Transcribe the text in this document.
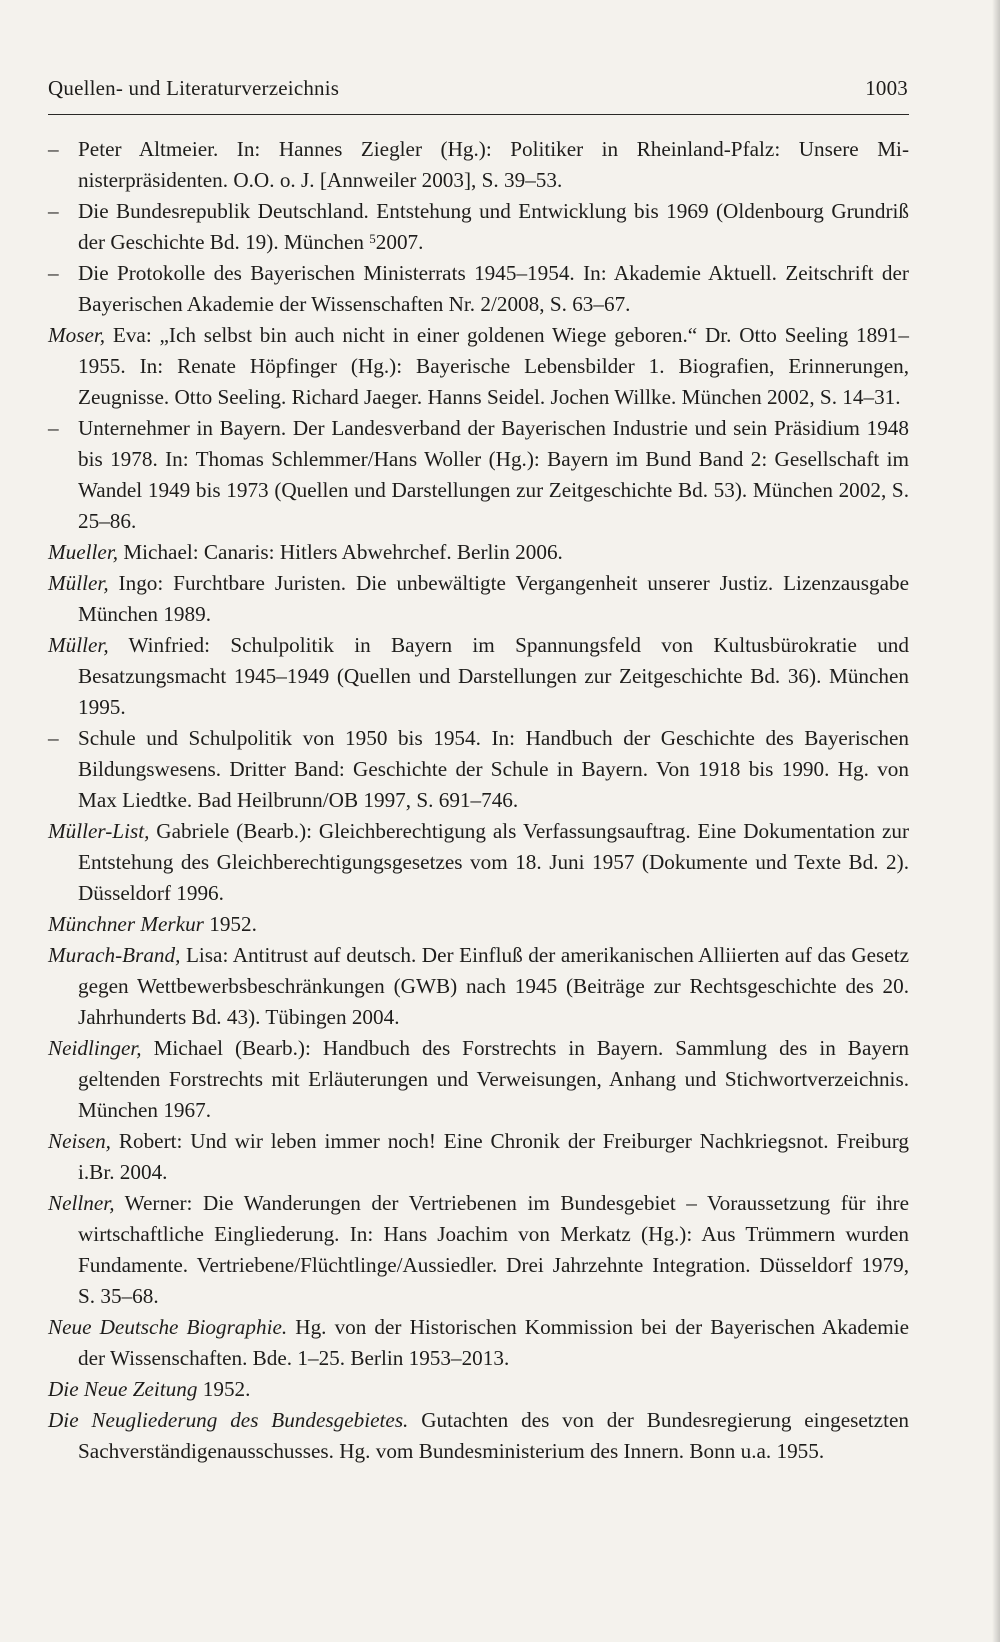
Quellen- und Literaturverzeichnis	1003

– Peter Altmeier. In: Hannes Ziegler (Hg.): Politiker in Rheinland-Pfalz: Unsere Ministerpräsidenten. O.O. o. J. [Annweiler 2003], S. 39–53.

– Die Bundesrepublik Deutschland. Entstehung und Entwicklung bis 1969 (Oldenbourg Grundriß der Geschichte Bd. 19). München $^5$2007.

– Die Protokolle des Bayerischen Ministerrats 1945–1954. In: Akademie Aktuell. Zeitschrift der Bayerischen Akademie der Wissenschaften Nr. 2/2008, S. 63–67.

Moser, Eva: „Ich selbst bin auch nicht in einer goldenen Wiege geboren.“ Dr. Otto Seeling 1891–1955. In: Renate Höpfinger (Hg.): Bayerische Lebensbilder 1. Biografien, Erinnerungen, Zeugnisse. Otto Seeling. Richard Jaeger. Hanns Seidel. Jochen Willke. München 2002, S. 14–31.

– Unternehmer in Bayern. Der Landesverband der Bayerischen Industrie und sein Präsidium 1948 bis 1978. In: Thomas Schlemmer/Hans Woller (Hg.): Bayern im Bund Band 2: Gesellschaft im Wandel 1949 bis 1973 (Quellen und Darstellungen zur Zeitgeschichte Bd. 53). München 2002, S. 25–86.

Mueller, Michael: Canaris: Hitlers Abwehrchef. Berlin 2006.

Müller, Ingo: Furchtbare Juristen. Die unbewältigte Vergangenheit unserer Justiz. Lizenzausgabe München 1989.

Müller, Winfried: Schulpolitik in Bayern im Spannungsfeld von Kultusbürokratie und Besatzungsmacht 1945–1949 (Quellen und Darstellungen zur Zeitgeschichte Bd. 36). München 1995.

– Schule und Schulpolitik von 1950 bis 1954. In: Handbuch der Geschichte des Bayerischen Bildungswesens. Dritter Band: Geschichte der Schule in Bayern. Von 1918 bis 1990. Hg. von Max Liedtke. Bad Heilbrunn/OB 1997, S. 691–746.

Müller-List, Gabriele (Bearb.): Gleichberechtigung als Verfassungsauftrag. Eine Dokumentation zur Entstehung des Gleichberechtigungsgesetzes vom 18. Juni 1957 (Dokumente und Texte Bd. 2). Düsseldorf 1996.

Münchner Merkur 1952.

Murach-Brand, Lisa: Antitrust auf deutsch. Der Einfluß der amerikanischen Alliierten auf das Gesetz gegen Wettbewerbsbeschränkungen (GWB) nach 1945 (Beiträge zur Rechtsgeschichte des 20. Jahrhunderts Bd. 43). Tübingen 2004.

Neidlinger, Michael (Bearb.): Handbuch des Forstrechts in Bayern. Sammlung des in Bayern geltenden Forstrechts mit Erläuterungen und Verweisungen, Anhang und Stichwortverzeichnis. München 1967.

Neisen, Robert: Und wir leben immer noch! Eine Chronik der Freiburger Nachkriegsnot. Freiburg i.Br. 2004.

Nellner, Werner: Die Wanderungen der Vertriebenen im Bundesgebiet – Voraussetzung für ihre wirtschaftliche Eingliederung. In: Hans Joachim von Merkatz (Hg.): Aus Trümmern wurden Fundamente. Vertriebene/Flüchtlinge/Aussiedler. Drei Jahrzehnte Integration. Düsseldorf 1979, S. 35–68.

Neue Deutsche Biographie. Hg. von der Historischen Kommission bei der Bayerischen Akademie der Wissenschaften. Bde. 1–25. Berlin 1953–2013.

Die Neue Zeitung 1952.

Die Neugliederung des Bundesgebietes. Gutachten des von der Bundesregierung eingesetzten Sachverständigenausschusses. Hg. vom Bundesministerium des Innern. Bonn u.a. 1955.
